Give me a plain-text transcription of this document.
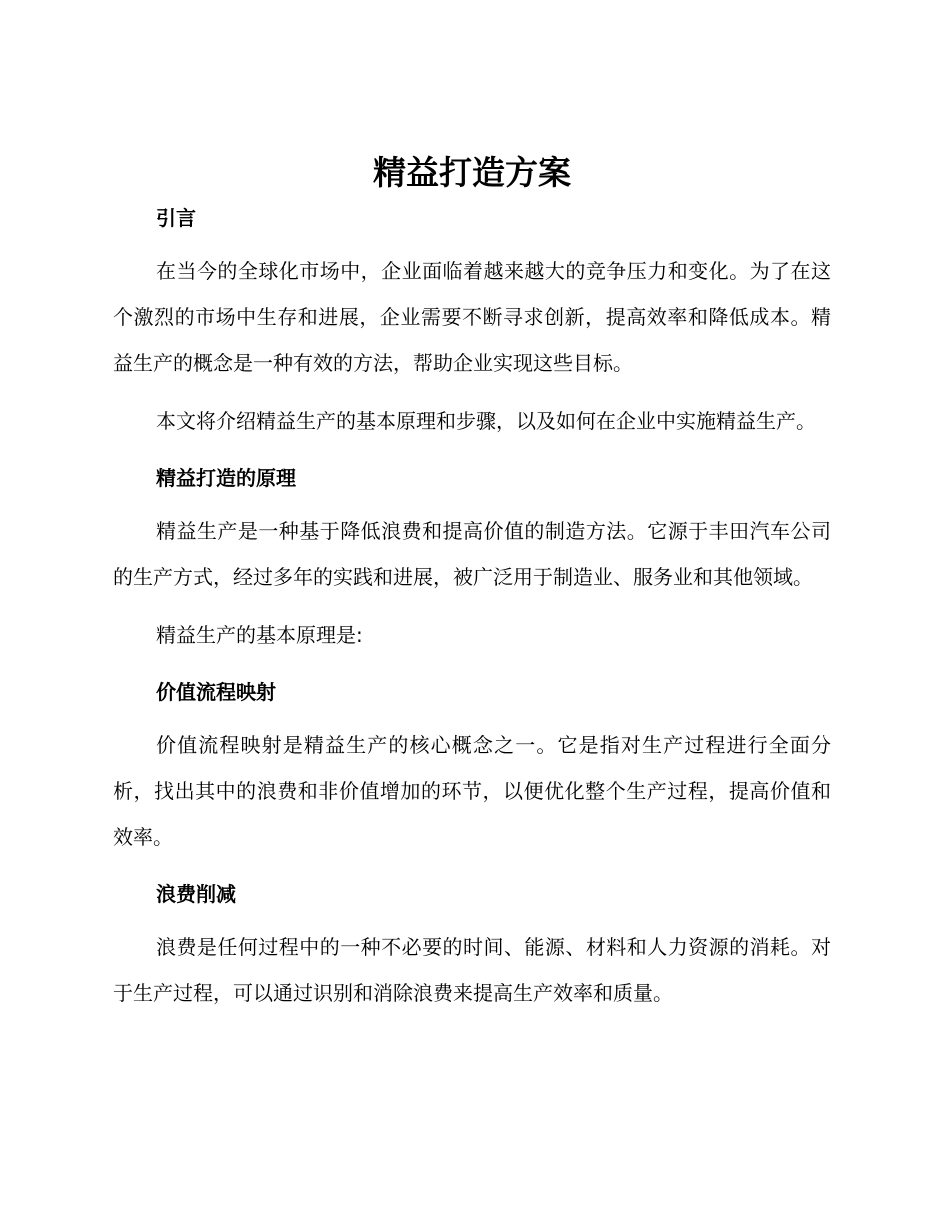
精益打造方案
引言

在当今的全球化市场中，企业面临着越来越大的竞争压力和变化。为了在这个激烈的市场中生存和进展，企业需要不断寻求创新，提高效率和降低成本。精益生产的概念是一种有效的方法，帮助企业实现这些目标。

本文将介绍精益生产的基本原理和步骤，以及如何在企业中实施精益生产。

精益打造的原理

精益生产是一种基于降低浪费和提高价值的制造方法。它源于丰田汽车公司的生产方式，经过多年的实践和进展，被广泛用于制造业、服务业和其他领域。

精益生产的基本原理是:

价值流程映射

价值流程映射是精益生产的核心概念之一。它是指对生产过程进行全面分析，找出其中的浪费和非价值增加的环节，以便优化整个生产过程，提高价值和效率。

浪费削减

浪费是任何过程中的一种不必要的时间、能源、材料和人力资源的消耗。对于生产过程，可以通过识别和消除浪费来提高生产效率和质量。
